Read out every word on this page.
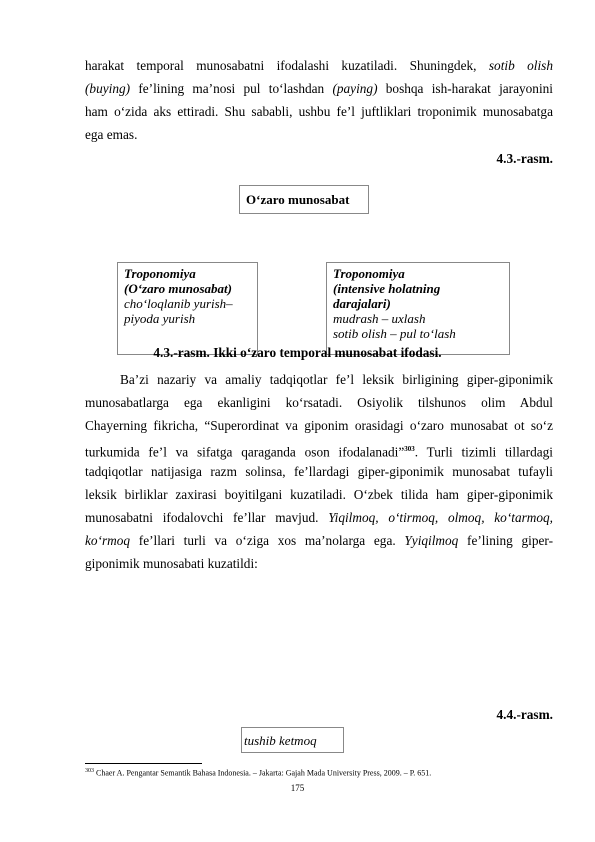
harakat temporal munosabatni ifodalashi kuzatiladi. Shuningdek, sotib olish
(buying) fe’lining ma’nosi pul to‘lashdan (paying) boshqa ish-harakat jarayonini
ham o‘zida aks ettiradi. Shu sababli, ushbu fe’l juftliklari troponimik munosabatga
ega emas.
4.3.-rasm.
O‘zaro munosabat
Troponomiya
(O‘zaro munosabat)
cho‘loqlanib yurish–
piyoda yurish
Troponomiya
(intensive holatning
darajalari)
mudrash – uxlash
sotib olish – pul to‘lash
4.3.-rasm. Ikki o‘zaro temporal munosabat ifodasi.
Ba’zi nazariy va amaliy tadqiqotlar fe’l leksik birligining giper-giponimik
munosabatlarga ega ekanligini ko‘rsatadi. Osiyolik tilshunos olim Abdul
Chayerning fikricha, “Superordinat va giponim orasidagi o‘zaro munosabat ot so‘z
turkumida fe’l va sifatga qaraganda oson ifodalanadi”$^{303}$. Turli tizimli tillardagi
tadqiqotlar natijasiga razm solinsa, fe’llardagi giper-giponimik munosabat tufayli
leksik birliklar zaxirasi boyitilgani kuzatiladi. O‘zbek tilida ham giper-giponimik
munosabatni ifodalovchi fe’llar mavjud. Yiqilmoq, o‘tirmoq, olmoq, ko‘tarmoq,
ko‘rmoq fe’llari turli va o‘ziga xos ma’nolarga ega. Yyiqilmoq fe’lining giper-
giponimik munosabati kuzatildi:
4.4.-rasm.
tushib ketmoq
$^{303}$ Chaer A. Pengantar Semantik Bahasa Indonesia. – Jakarta: Gajah Mada University Press, 2009. – P. 651.
175
